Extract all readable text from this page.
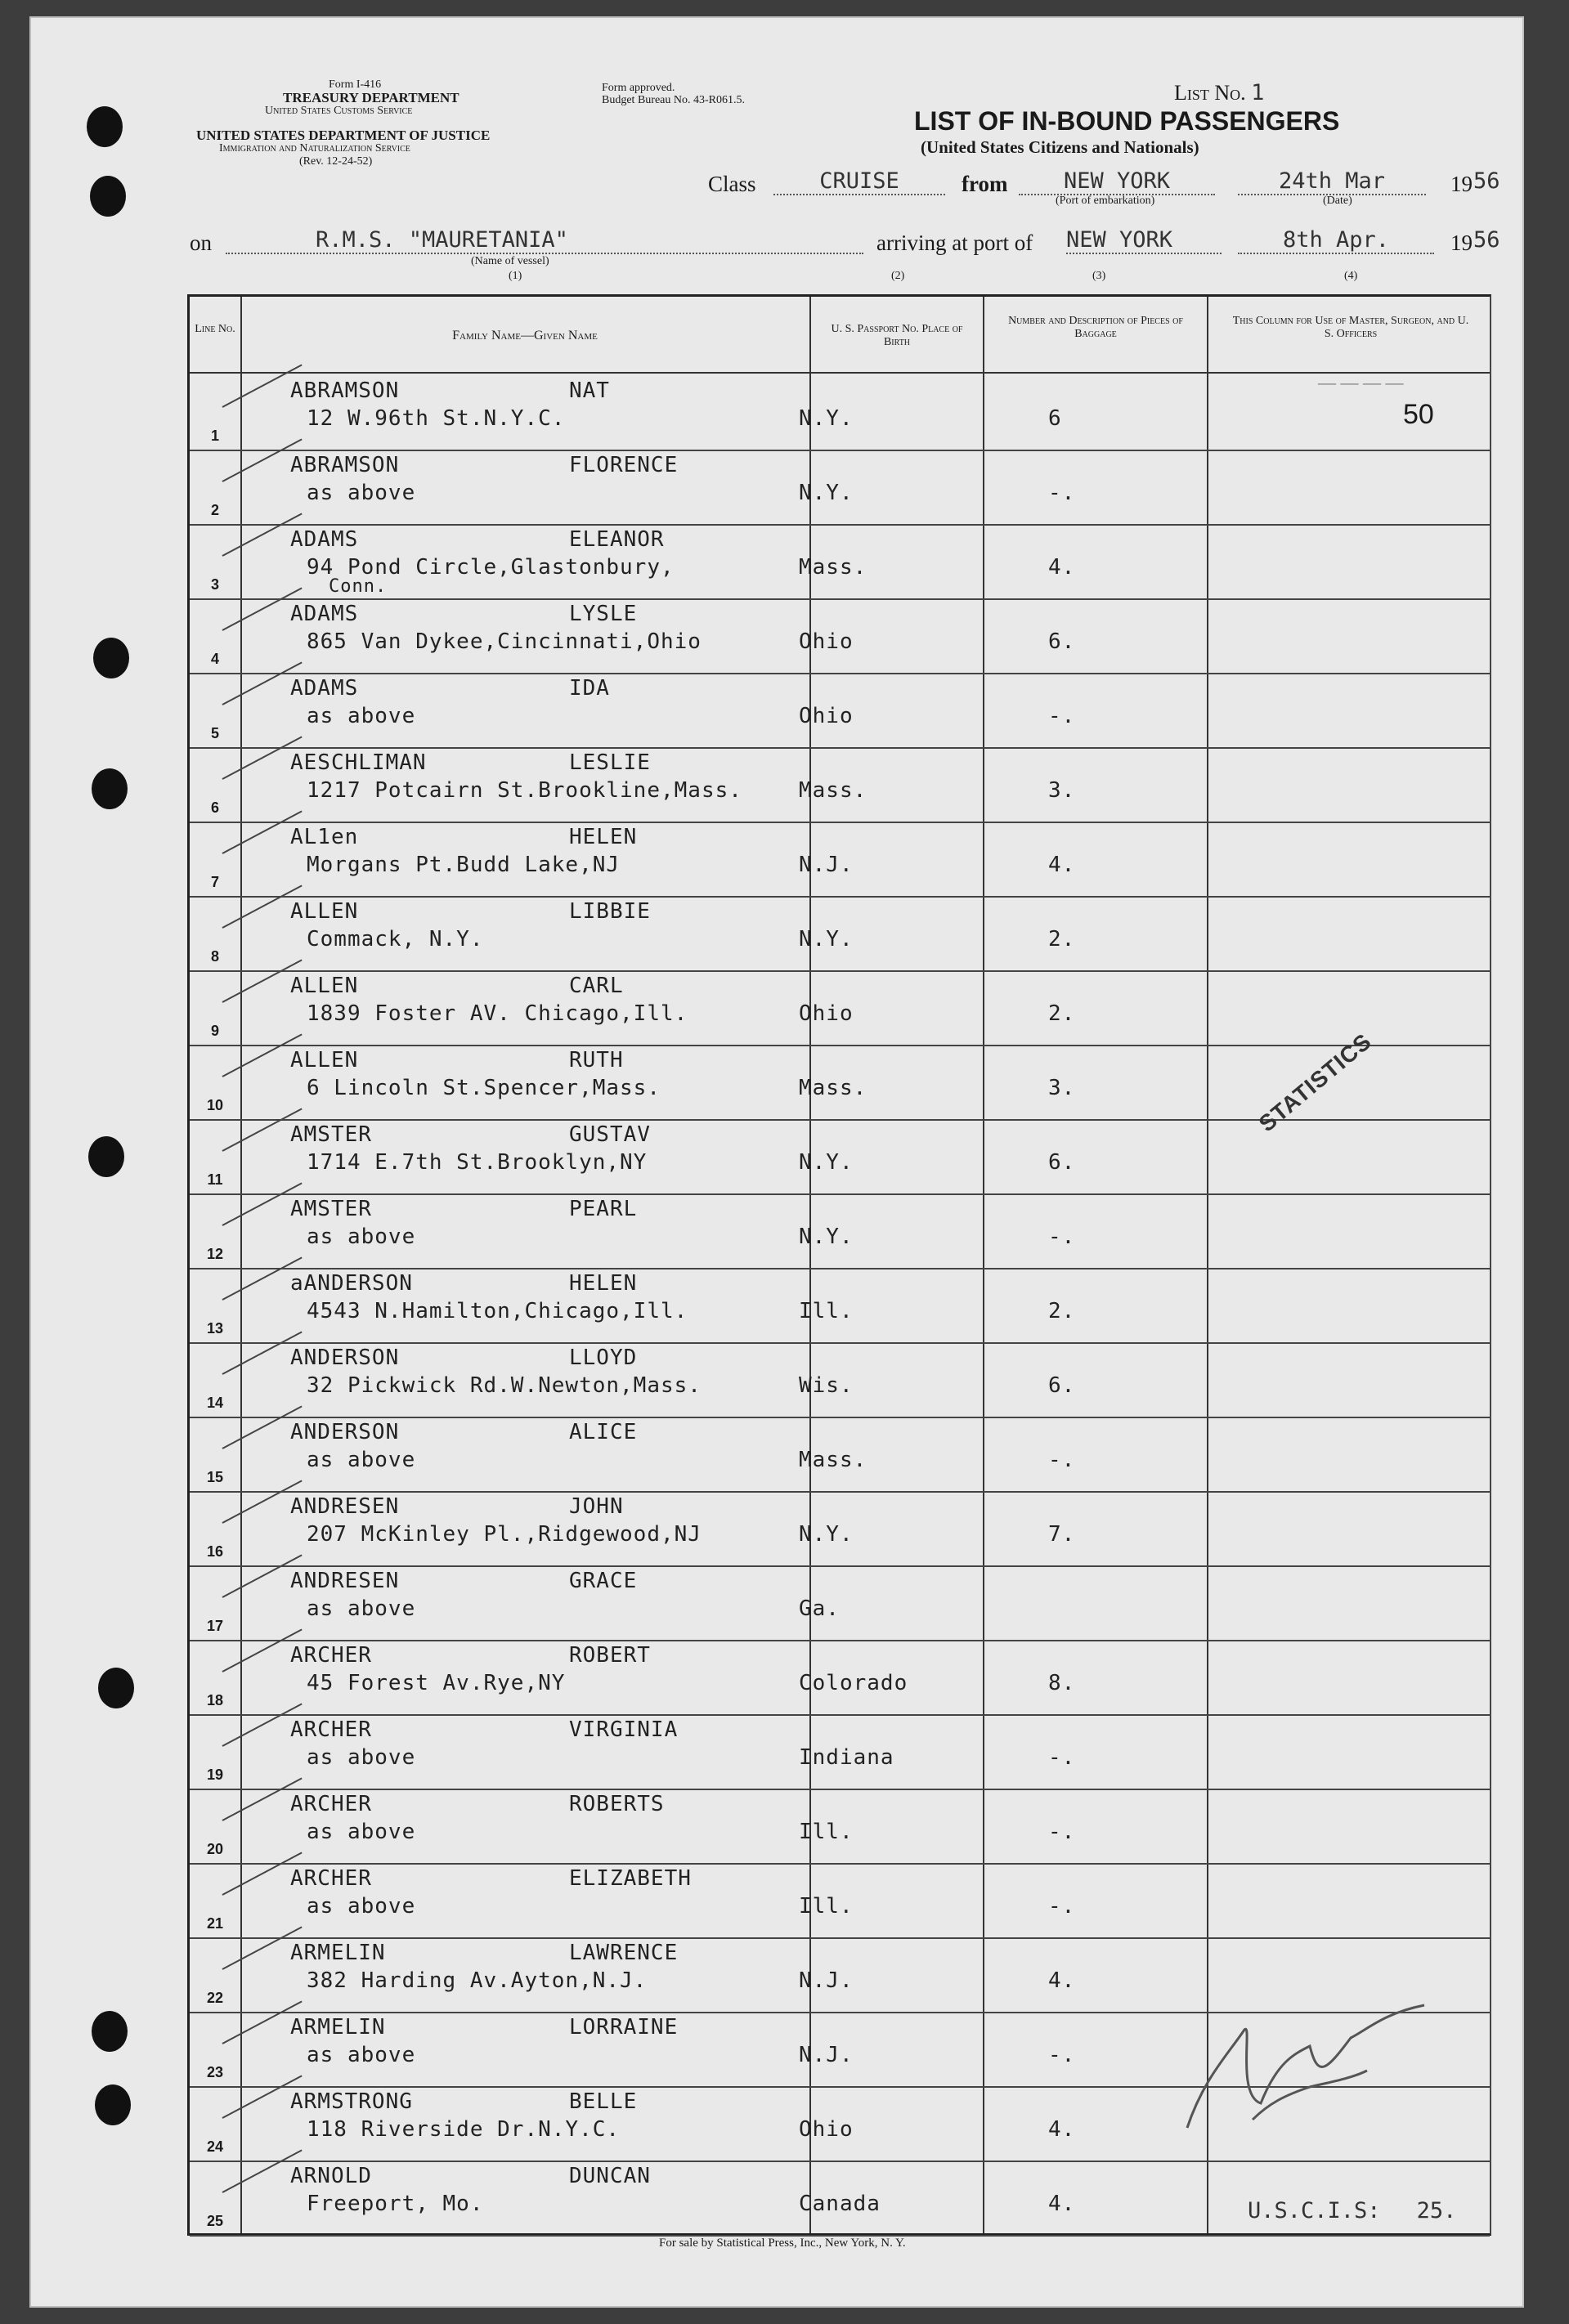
Form I-416
TREASURY DEPARTMENT
United States Customs Service
UNITED STATES DEPARTMENT OF JUSTICE
Immigration and Naturalization Service
(Rev. 12-24-52)
Form approved.
Budget Bureau No. 43-R061.5.	List No. 1
LIST OF IN-BOUND PASSENGERS
(United States Citizens and Nationals)
Class	CRUISE	from	NEW YORK
(Port of embarkation)
24th Mar
(Date)
19 56
on	R.M.S. "MAURETANIA"
(Name of vessel)
(1)
arriving at port of NEW YORK	8th Apr.	19 56
(2)	(3)	(4)
Line No.	Family Name—Given Name	U. S. Passport No. Place of Birth
Number and Description of Pieces of Baggage
This Column for Use of Master, Surgeon, and U. S. Officers
1
ABRAMSON	NAT
12 W.96th St.N.Y.C.	N.Y.	6
2
ABRAMSON	FLORENCE
as above	N.Y.	-.
3
ADAMS	ELEANOR
94 Pond Circle,Glastonbury,	Mass.	4.
Conn.
4
ADAMS	LYSLE
865 Van Dykee,Cincinnati,Ohio	Ohio	6.
5
ADAMS	IDA
as above	Ohio	-.
6
AESCHLIMAN	LESLIE
1217 Potcairn St.Brookline,Mass.	Mass.	3.
7
AL1en	HELEN
Morgans Pt.Budd Lake,NJ	N.J.	4.
8
ALLEN	LIBBIE
Commack, N.Y.	N.Y.	2.
9
ALLEN	CARL
1839 Foster AV. Chicago,Ill.	Ohio	2.
10
ALLEN	RUTH
6 Lincoln St.Spencer,Mass.	Mass.	3.
11
AMSTER	GUSTAV
1714 E.7th St.Brooklyn,NY	N.Y.	6.
12
AMSTER	PEARL
as above	N.Y.	-.
13
aANDERSON	HELEN
4543 N.Hamilton,Chicago,Ill.	Ill.	2.
14
ANDERSON	LLOYD
32 Pickwick Rd.W.Newton,Mass.	Wis.	6.
15
ANDERSON	ALICE
as above	Mass.	-.
16
ANDRESEN	JOHN
207 McKinley Pl.,Ridgewood,NJ	N.Y.	7.
17
ANDRESEN	GRACE
as above	Ga.
18
ARCHER	ROBERT
45 Forest Av.Rye,NY	Colorado	8.
19
ARCHER	VIRGINIA
as above	Indiana	-.
20
ARCHER	ROBERTS
as above	Ill.	-.
21
ARCHER	ELIZABETH
as above	Ill.	-.
22
ARMELIN	LAWRENCE
382 Harding Av.Ayton,N.J.	N.J.	4.
23
ARMELIN	LORRAINE
as above	N.J.	-.
24
ARMSTRONG	BELLE
118 Riverside Dr.N.Y.C.	Ohio	4.
25
ARNOLD	DUNCAN
Freeport, Mo.	Canada	4.
— — — —
50
STATISTICS
U.S.C.I.S: 25.
For sale by Statistical Press, Inc., New York, N. Y.
